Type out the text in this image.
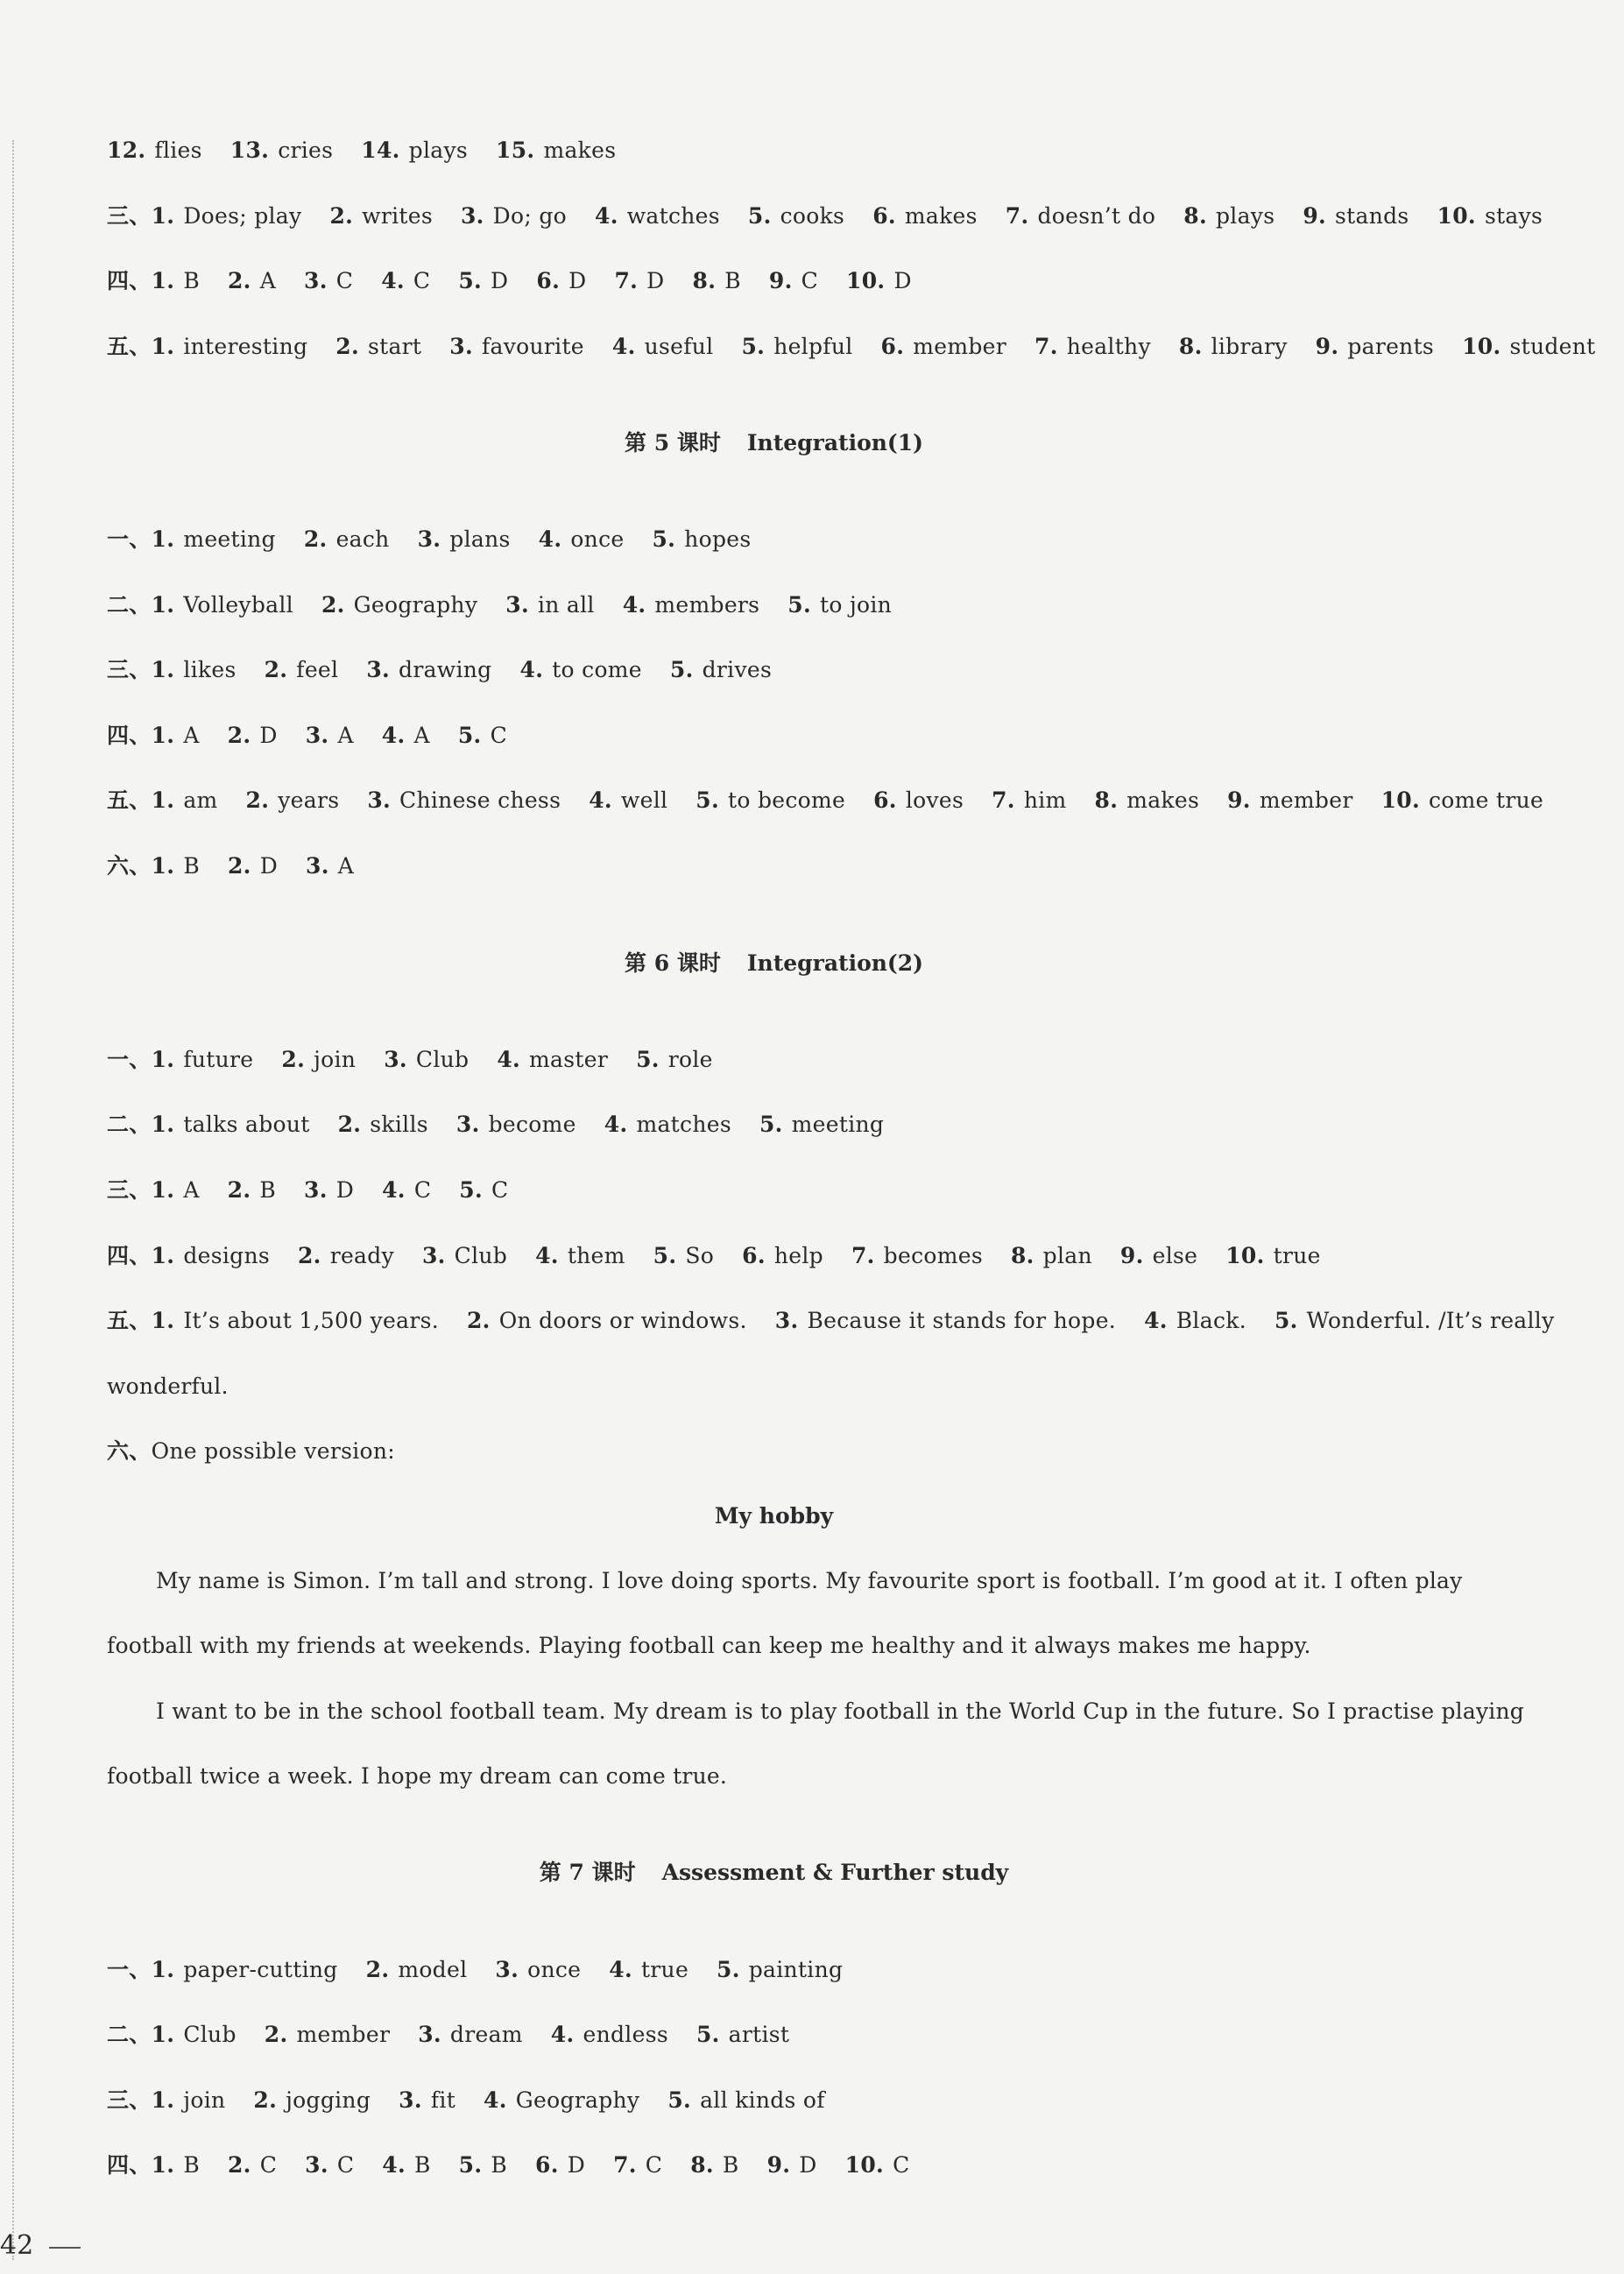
12. flies 13. cries 14. plays 15. makes
三、1. Does; play 2. writes 3. Do; go 4. watches 5. cooks 6. makes 7. doesn’t do 8. plays 9. stands 10. stays
四、1. B 2. A 3. C 4. C 5. D 6. D 7. D 8. B 9. C 10. D
五、1. interesting 2. start 3. favourite 4. useful 5. helpful 6. member 7. healthy 8. library 9. parents 10. student
第 5 课时 Integration(1)
一、1. meeting 2. each 3. plans 4. once 5. hopes
二、1. Volleyball 2. Geography 3. in all 4. members 5. to join
三、1. likes 2. feel 3. drawing 4. to come 5. drives
四、1. A 2. D 3. A 4. A 5. C
五、1. am 2. years 3. Chinese chess 4. well 5. to become 6. loves 7. him 8. makes 9. member 10. come true
六、1. B 2. D 3. A
第 6 课时 Integration(2)
一、1. future 2. join 3. Club 4. master 5. role
二、1. talks about 2. skills 3. become 4. matches 5. meeting
三、1. A 2. B 3. D 4. C 5. C
四、1. designs 2. ready 3. Club 4. them 5. So 6. help 7. becomes 8. plan 9. else 10. true
五、1. It’s about 1,500 years. 2. On doors or windows. 3. Because it stands for hope. 4. Black. 5. Wonderful. /It’s really
wonderful.
六、One possible version:
My hobby
My name is Simon. I’m tall and strong. I love doing sports. My favourite sport is football. I’m good at it. I often play
football with my friends at weekends. Playing football can keep me healthy and it always makes me happy.
I want to be in the school football team. My dream is to play football in the World Cup in the future. So I practise playing
football twice a week. I hope my dream can come true.
第 7 课时 Assessment & Further study
一、1. paper-cutting 2. model 3. once 4. true 5. painting
二、1. Club 2. member 3. dream 4. endless 5. artist
三、1. join 2. jogging 3. fit 4. Geography 5. all kinds of
四、1. B 2. C 3. C 4. B 5. B 6. D 7. C 8. B 9. D 10. C
42
